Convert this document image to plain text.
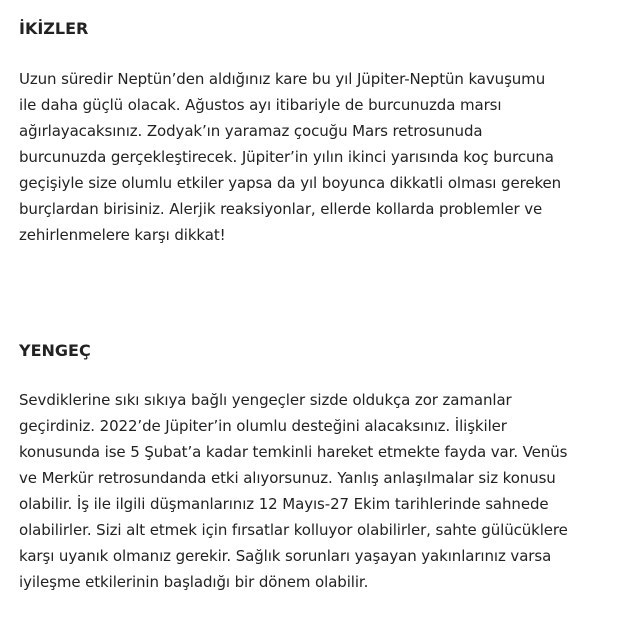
İKİZLER

Uzun süredir Neptün’den aldığınız kare bu yıl Jüpiter-Neptün kavuşumu
ile daha güçlü olacak. Ağustos ayı itibariyle de burcunuzda marsı
ağırlayacaksınız. Zodyak’ın yaramaz çocuğu Mars retrosunuda
burcunuzda gerçekleştirecek. Jüpiter’in yılın ikinci yarısında koç burcuna
geçişiyle size olumlu etkiler yapsa da yıl boyunca dikkatli olması gereken
burçlardan birisiniz. Alerjik reaksiyonlar, ellerde kollarda problemler ve
zehirlenmelere karşı dikkat!

YENGEÇ

Sevdiklerine sıkı sıkıya bağlı yengeçler sizde oldukça zor zamanlar
geçirdiniz. 2022’de Jüpiter’in olumlu desteğini alacaksınız. İlişkiler
konusunda ise 5 Şubat’a kadar temkinli hareket etmekte fayda var. Venüs
ve Merkür retrosundanda etki alıyorsunuz. Yanlış anlaşılmalar siz konusu
olabilir. İş ile ilgili düşmanlarınız 12 Mayıs-27 Ekim tarihlerinde sahnede
olabilirler. Sizi alt etmek için fırsatlar kolluyor olabilirler, sahte gülücüklere
karşı uyanık olmanız gerekir. Sağlık sorunları yaşayan yakınlarınız varsa
iyileşme etkilerinin başladığı bir dönem olabilir.
